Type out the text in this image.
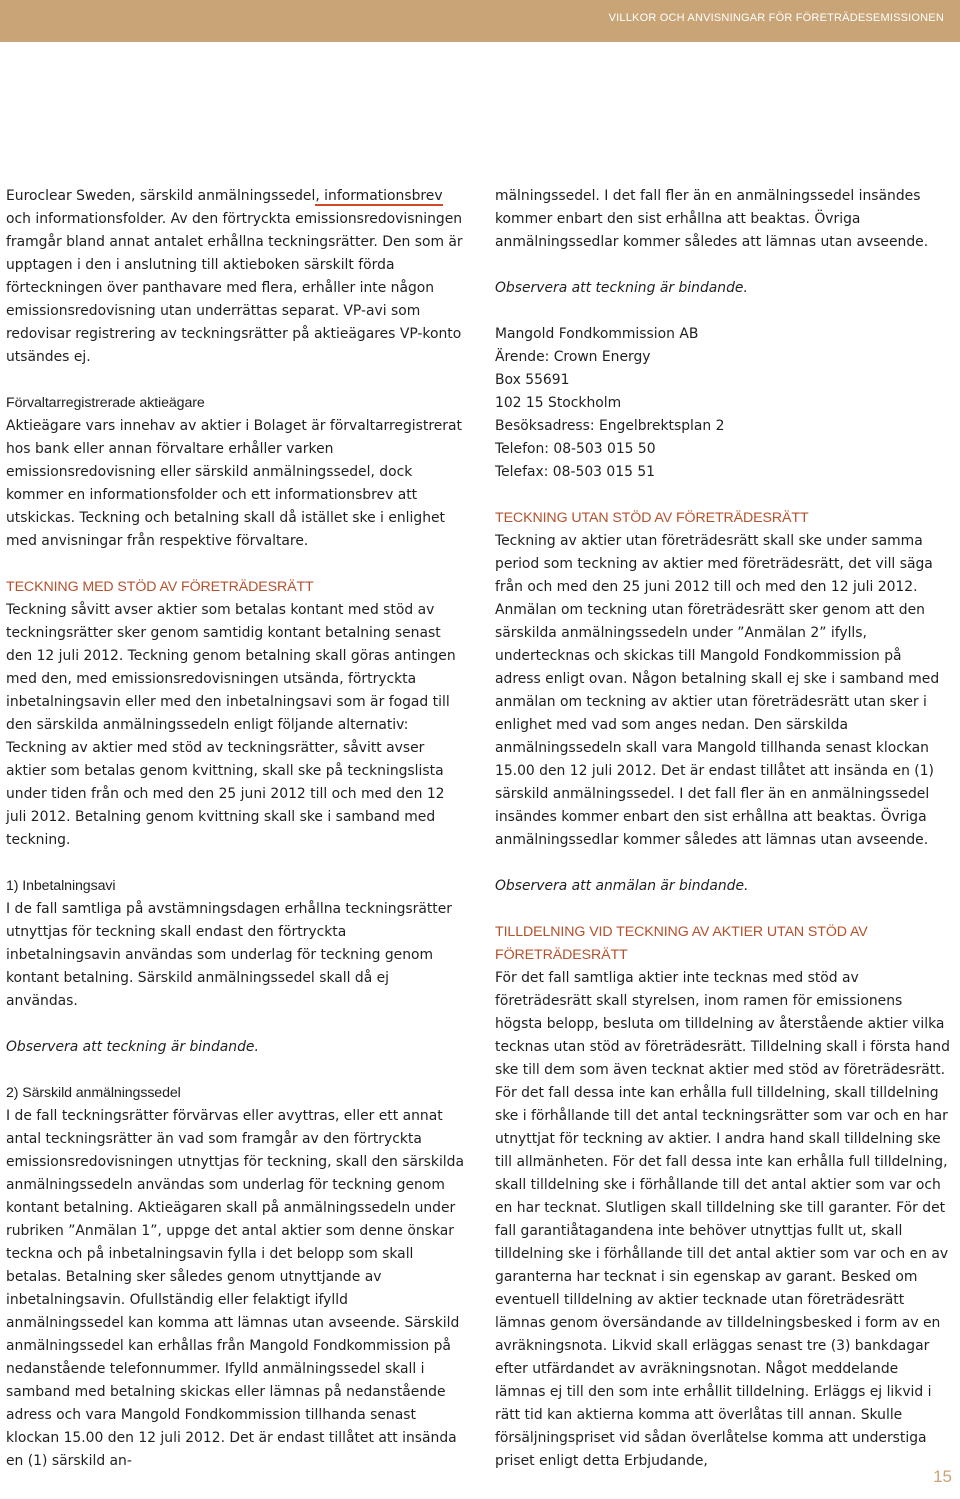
VILLKOR OCH ANVISNINGAR FÖR FÖRETRÄDESEMISSIONEN

Euroclear Sweden, särskild anmälningssedel, informationsbrev och informationsfolder. Av den förtryckta emissionsredovisningen framgår bland annat antalet erhållna teckningsrätter. Den som är upptagen i den i anslutning till aktieboken särskilt förda förteckningen över panthavare med flera, erhåller inte någon emissionsredovisning utan underrättas separat. VP-avi som redovisar registrering av teckningsrätter på aktieägares VP-konto utsändes ej.

Förvaltarregistrerade aktieägare

Aktieägare vars innehav av aktier i Bolaget är förvaltarregistrerat hos bank eller annan förvaltare erhåller varken emissionsredovisning eller särskild anmälningssedel, dock kommer en informationsfolder och ett informationsbrev att utskickas. Teckning och betalning skall då istället ske i enlighet med anvisningar från respektive förvaltare.

TECKNING MED STÖD AV FÖRETRÄDESRÄTT

Teckning såvitt avser aktier som betalas kontant med stöd av teckningsrätter sker genom samtidig kontant betalning senast den 12 juli 2012. Teckning genom betalning skall göras antingen med den, med emissionsredovisningen utsända, förtryckta inbetalningsavin eller med den inbetalningsavi som är fogad till den särskilda anmälningssedeln enligt följande alternativ:

Teckning av aktier med stöd av teckningsrätter, såvitt avser aktier som betalas genom kvittning, skall ske på teckningslista under tiden från och med den 25 juni 2012 till och med den 12 juli 2012. Betalning genom kvittning skall ske i samband med teckning.

1) Inbetalningsavi

I de fall samtliga på avstämningsdagen erhållna teckningsrätter utnyttjas för teckning skall endast den förtryckta inbetalningsavin användas som underlag för teckning genom kontant betalning. Särskild anmälningssedel skall då ej användas.

Observera att teckning är bindande.

2) Särskild anmälningssedel

I de fall teckningsrätter förvärvas eller avyttras, eller ett annat antal teckningsrätter än vad som framgår av den förtryckta emissionsredovisningen utnyttjas för teckning, skall den särskilda anmälningssedeln användas som underlag för teckning genom kontant betalning. Aktieägaren skall på anmälningssedeln under rubriken ”Anmälan 1”, uppge det antal aktier som denne önskar teckna och på inbetalningsavin fylla i det belopp som skall betalas. Betalning sker således genom utnyttjande av inbetalningsavin. Ofullständig eller felaktigt ifylld anmälningssedel kan komma att lämnas utan avseende. Särskild anmälningssedel kan erhållas från Mangold Fondkommission på nedanstående telefonnummer. Ifylld anmälningssedel skall i samband med betalning skickas eller lämnas på nedanstående adress och vara Mangold Fondkommission tillhanda senast klockan 15.00 den 12 juli 2012. Det är endast tillåtet att insända en (1) särskild an-

mälningssedel. I det fall fler än en anmälningssedel insändes kommer enbart den sist erhållna att beaktas. Övriga anmälningssedlar kommer således att lämnas utan avseende.

Observera att teckning är bindande.

Mangold Fondkommission AB

Ärende: Crown Energy

Box 55691

102 15 Stockholm

Besöksadress: Engelbrektsplan 2

Telefon: 08-503 015 50

Telefax: 08-503 015 51

TECKNING UTAN STÖD AV FÖRETRÄDESRÄTT

Teckning av aktier utan företrädesrätt skall ske under samma period som teckning av aktier med företrädesrätt, det vill säga från och med den 25 juni 2012 till och med den 12 juli 2012. Anmälan om teckning utan företrädesrätt sker genom att den särskilda anmälningssedeln under ”Anmälan 2” ifylls, undertecknas och skickas till Mangold Fondkommission på adress enligt ovan. Någon betalning skall ej ske i samband med anmälan om teckning av aktier utan företrädesrätt utan sker i enlighet med vad som anges nedan. Den särskilda anmälningssedeln skall vara Mangold tillhanda senast klockan 15.00 den 12 juli 2012. Det är endast tillåtet att insända en (1) särskild anmälningssedel. I det fall fler än en anmälningssedel insändes kommer enbart den sist erhållna att beaktas. Övriga anmälningssedlar kommer således att lämnas utan avseende.

Observera att anmälan är bindande.

TILLDELNING VID TECKNING AV AKTIER UTAN STÖD AV FÖRETRÄDESRÄTT

För det fall samtliga aktier inte tecknas med stöd av företrädesrätt skall styrelsen, inom ramen för emissionens högsta belopp, besluta om tilldelning av återstående aktier vilka tecknas utan stöd av företrädesrätt. Tilldelning skall i första hand ske till dem som även tecknat aktier med stöd av företrädesrätt. För det fall dessa inte kan erhålla full tilldelning, skall tilldelning ske i förhållande till det antal teckningsrätter som var och en har utnyttjat för teckning av aktier. I andra hand skall tilldelning ske till allmänheten. För det fall dessa inte kan erhålla full tilldelning, skall tilldelning ske i förhållande till det antal aktier som var och en har tecknat. Slutligen skall tilldelning ske till garanter. För det fall garantiåtagandena inte behöver utnyttjas fullt ut, skall tilldelning ske i förhållande till det antal aktier som var och en av garanterna har tecknat i sin egenskap av garant. Besked om eventuell tilldelning av aktier tecknade utan företrädesrätt lämnas genom översändande av tilldelningsbesked i form av en avräkningsnota. Likvid skall erläggas senast tre (3) bankdagar efter utfärdandet av avräkningsnotan. Något meddelande lämnas ej till den som inte erhållit tilldelning. Erläggs ej likvid i rätt tid kan aktierna komma att överlåtas till annan. Skulle försäljningspriset vid sådan överlåtelse komma att understiga priset enligt detta Erbjudande,

15
